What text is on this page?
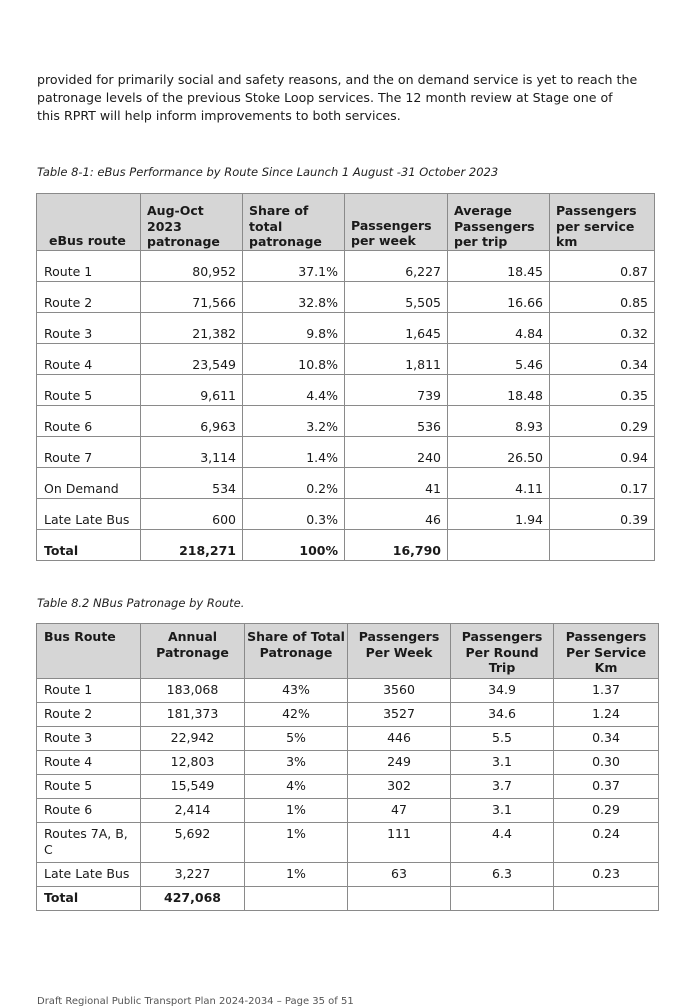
provided for primarily social and safety reasons, and the on demand service is yet to reach the
patronage levels of the previous Stoke Loop services. The 12 month review at Stage one of
this RPRT will help inform improvements to both services.
Table 8-1: eBus Performance by Route Since Launch 1 August -31 October 2023
eBus route	Aug-Oct 2023 patronage	Share of total patronage	Passengers per week	Average Passengers per trip	Passengers per service km
Route 1	80,952	37.1%	6,227	18.45	0.87
Route 2	71,566	32.8%	5,505	16.66	0.85
Route 3	21,382	9.8%	1,645	4.84	0.32
Route 4	23,549	10.8%	1,811	5.46	0.34
Route 5	9,611	4.4%	739	18.48	0.35
Route 6	6,963	3.2%	536	8.93	0.29
Route 7	3,114	1.4%	240	26.50	0.94
On Demand	534	0.2%	41	4.11	0.17
Late Late Bus	600	0.3%	46	1.94	0.39
Total	218,271	100%	16,790		
Table 8.2 NBus Patronage by Route.
Bus Route	Annual Patronage	Share of Total Patronage	Passengers Per Week	Passengers Per Round Trip	Passengers Per Service Km
Route 1	183,068	43%	3560	34.9	1.37
Route 2	181,373	42%	3527	34.6	1.24
Route 3	22,942	5%	446	5.5	0.34
Route 4	12,803	3%	249	3.1	0.30
Route 5	15,549	4%	302	3.7	0.37
Route 6	2,414	1%	47	3.1	0.29
Routes 7A, B, C	5,692	1%	111	4.4	0.24
Late Late Bus	3,227	1%	63	6.3	0.23
Total	427,068				
Draft Regional Public Transport Plan 2024-2034 – Page 35 of 51
